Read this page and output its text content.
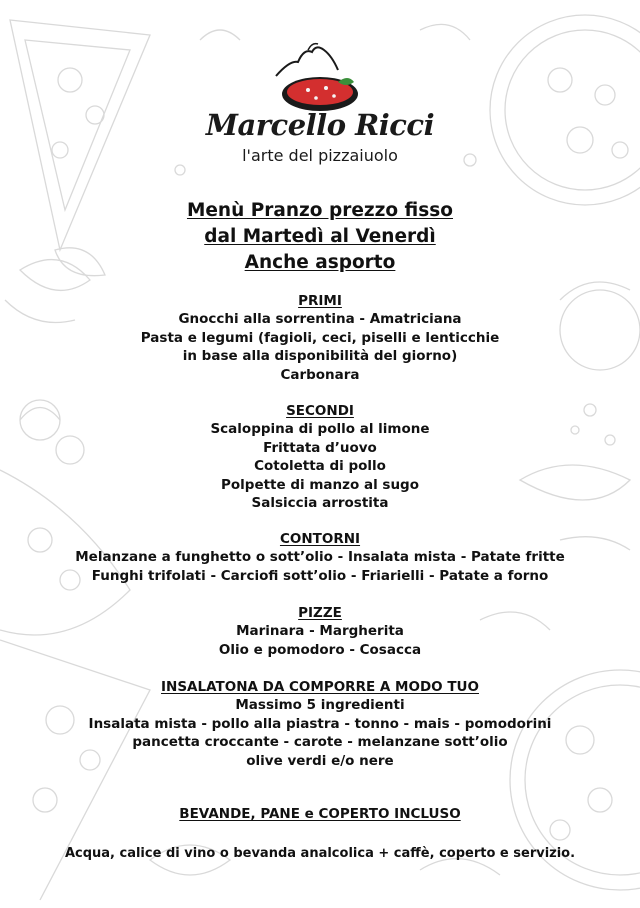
Marcello Ricci
l'arte del pizzaiuolo
Menù Pranzo prezzo fisso
dal Martedì al Venerdì
Anche asporto
PRIMI
Gnocchi alla sorrentina - Amatriciana
Pasta e legumi (fagioli, ceci, piselli e lenticchie
in base alla disponibilità del giorno)
Carbonara
SECONDI
Scaloppina di pollo al limone
Frittata d’uovo
Cotoletta di pollo
Polpette di manzo al sugo
Salsiccia arrostita
CONTORNI
Melanzane a funghetto o sott’olio - Insalata mista - Patate fritte
Funghi trifolati - Carciofi sott’olio - Friarielli - Patate a forno
PIZZE
Marinara - Margherita
Olio e pomodoro - Cosacca
INSALATONA DA COMPORRE A MODO TUO
Massimo 5 ingredienti
Insalata mista - pollo alla piastra - tonno - mais - pomodorini
pancetta croccante - carote - melanzane sott’olio
olive verdi e/o nere
BEVANDE, PANE e COPERTO INCLUSO
Acqua, calice di vino o bevanda analcolica + caffè, coperto e servizio.
